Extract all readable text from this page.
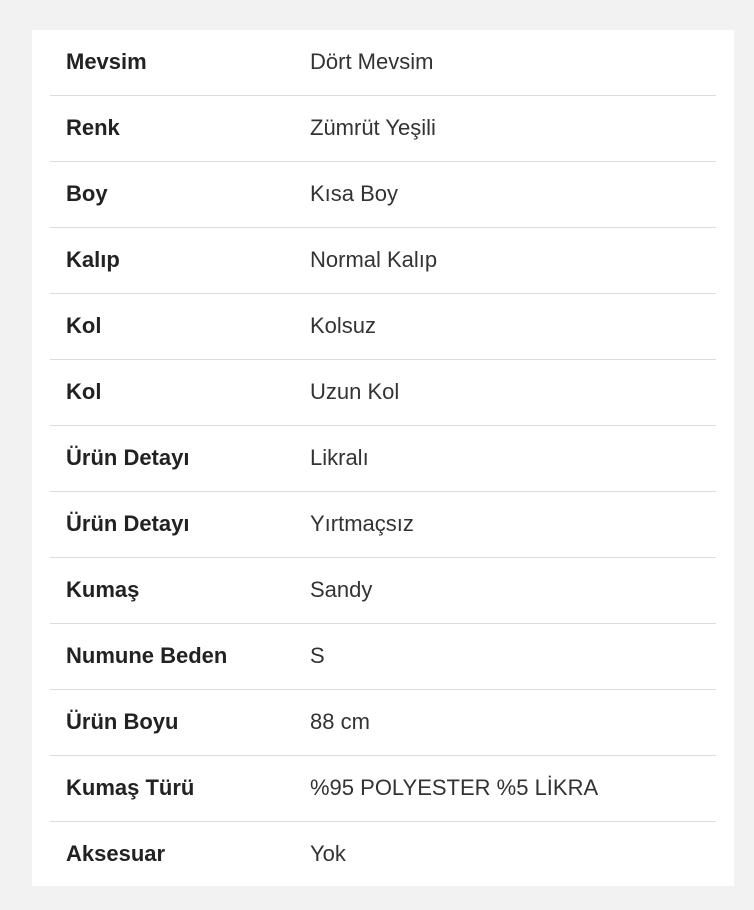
Mevsim	Dört Mevsim
Renk	Zümrüt Yeşili
Boy	Kısa Boy
Kalıp	Normal Kalıp
Kol	Kolsuz
Kol	Uzun Kol
Ürün Detayı	Likralı
Ürün Detayı	Yırtmaçsız
Kumaş	Sandy
Numune Beden	S
Ürün Boyu	88 cm
Kumaş Türü	%95 POLYESTER %5 LİKRA
Aksesuar	Yok
